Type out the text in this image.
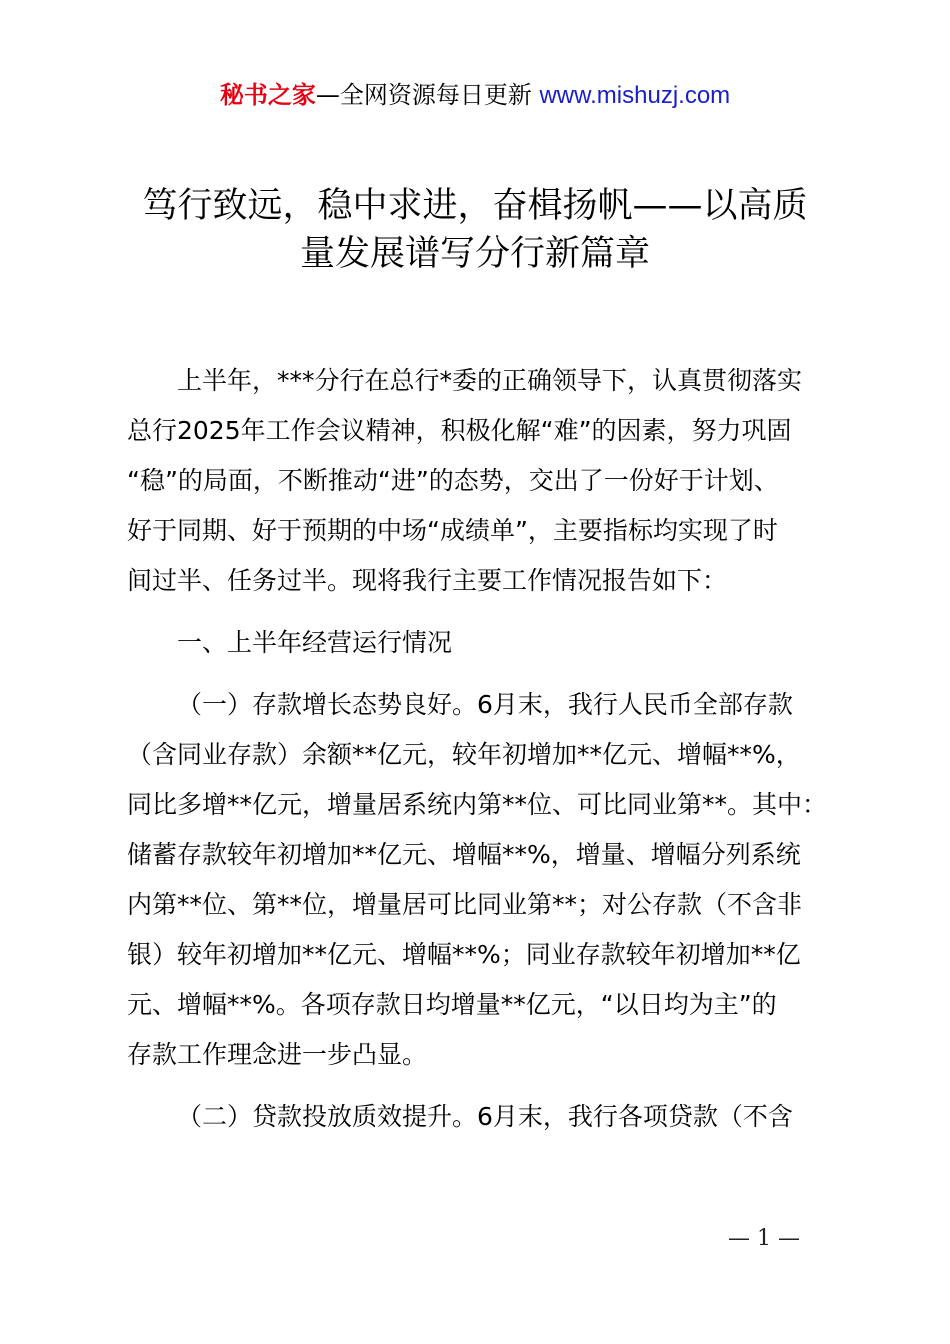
秘书之家—全网资源每日更新 www.mishuzj.com
笃行致远，稳中求进，奋楫扬帆——以高质
量发展谱写分行新篇章

上半年，***分行在总行*委的正确领导下，认真贯彻落实
总行2025年工作会议精神，积极化解“难”的因素，努力巩固
“稳”的局面，不断推动“进”的态势，交出了一份好于计划、
好于同期、好于预期的中场“成绩单”，主要指标均实现了时
间过半、任务过半。现将我行主要工作情况报告如下：

一、上半年经营运行情况

（一）存款增长态势良好。6月末，我行人民币全部存款
（含同业存款）余额**亿元，较年初增加**亿元、增幅**%，
同比多增**亿元，增量居系统内第**位、可比同业第**。其中：
储蓄存款较年初增加**亿元、增幅**%，增量、增幅分列系统
内第**位、第**位，增量居可比同业第**；对公存款（不含非
银）较年初增加**亿元、增幅**%；同业存款较年初增加**亿
元、增幅**%。各项存款日均增量**亿元，“以日均为主”的
存款工作理念进一步凸显。

（二）贷款投放质效提升。6月末，我行各项贷款（不含

— 1 —
